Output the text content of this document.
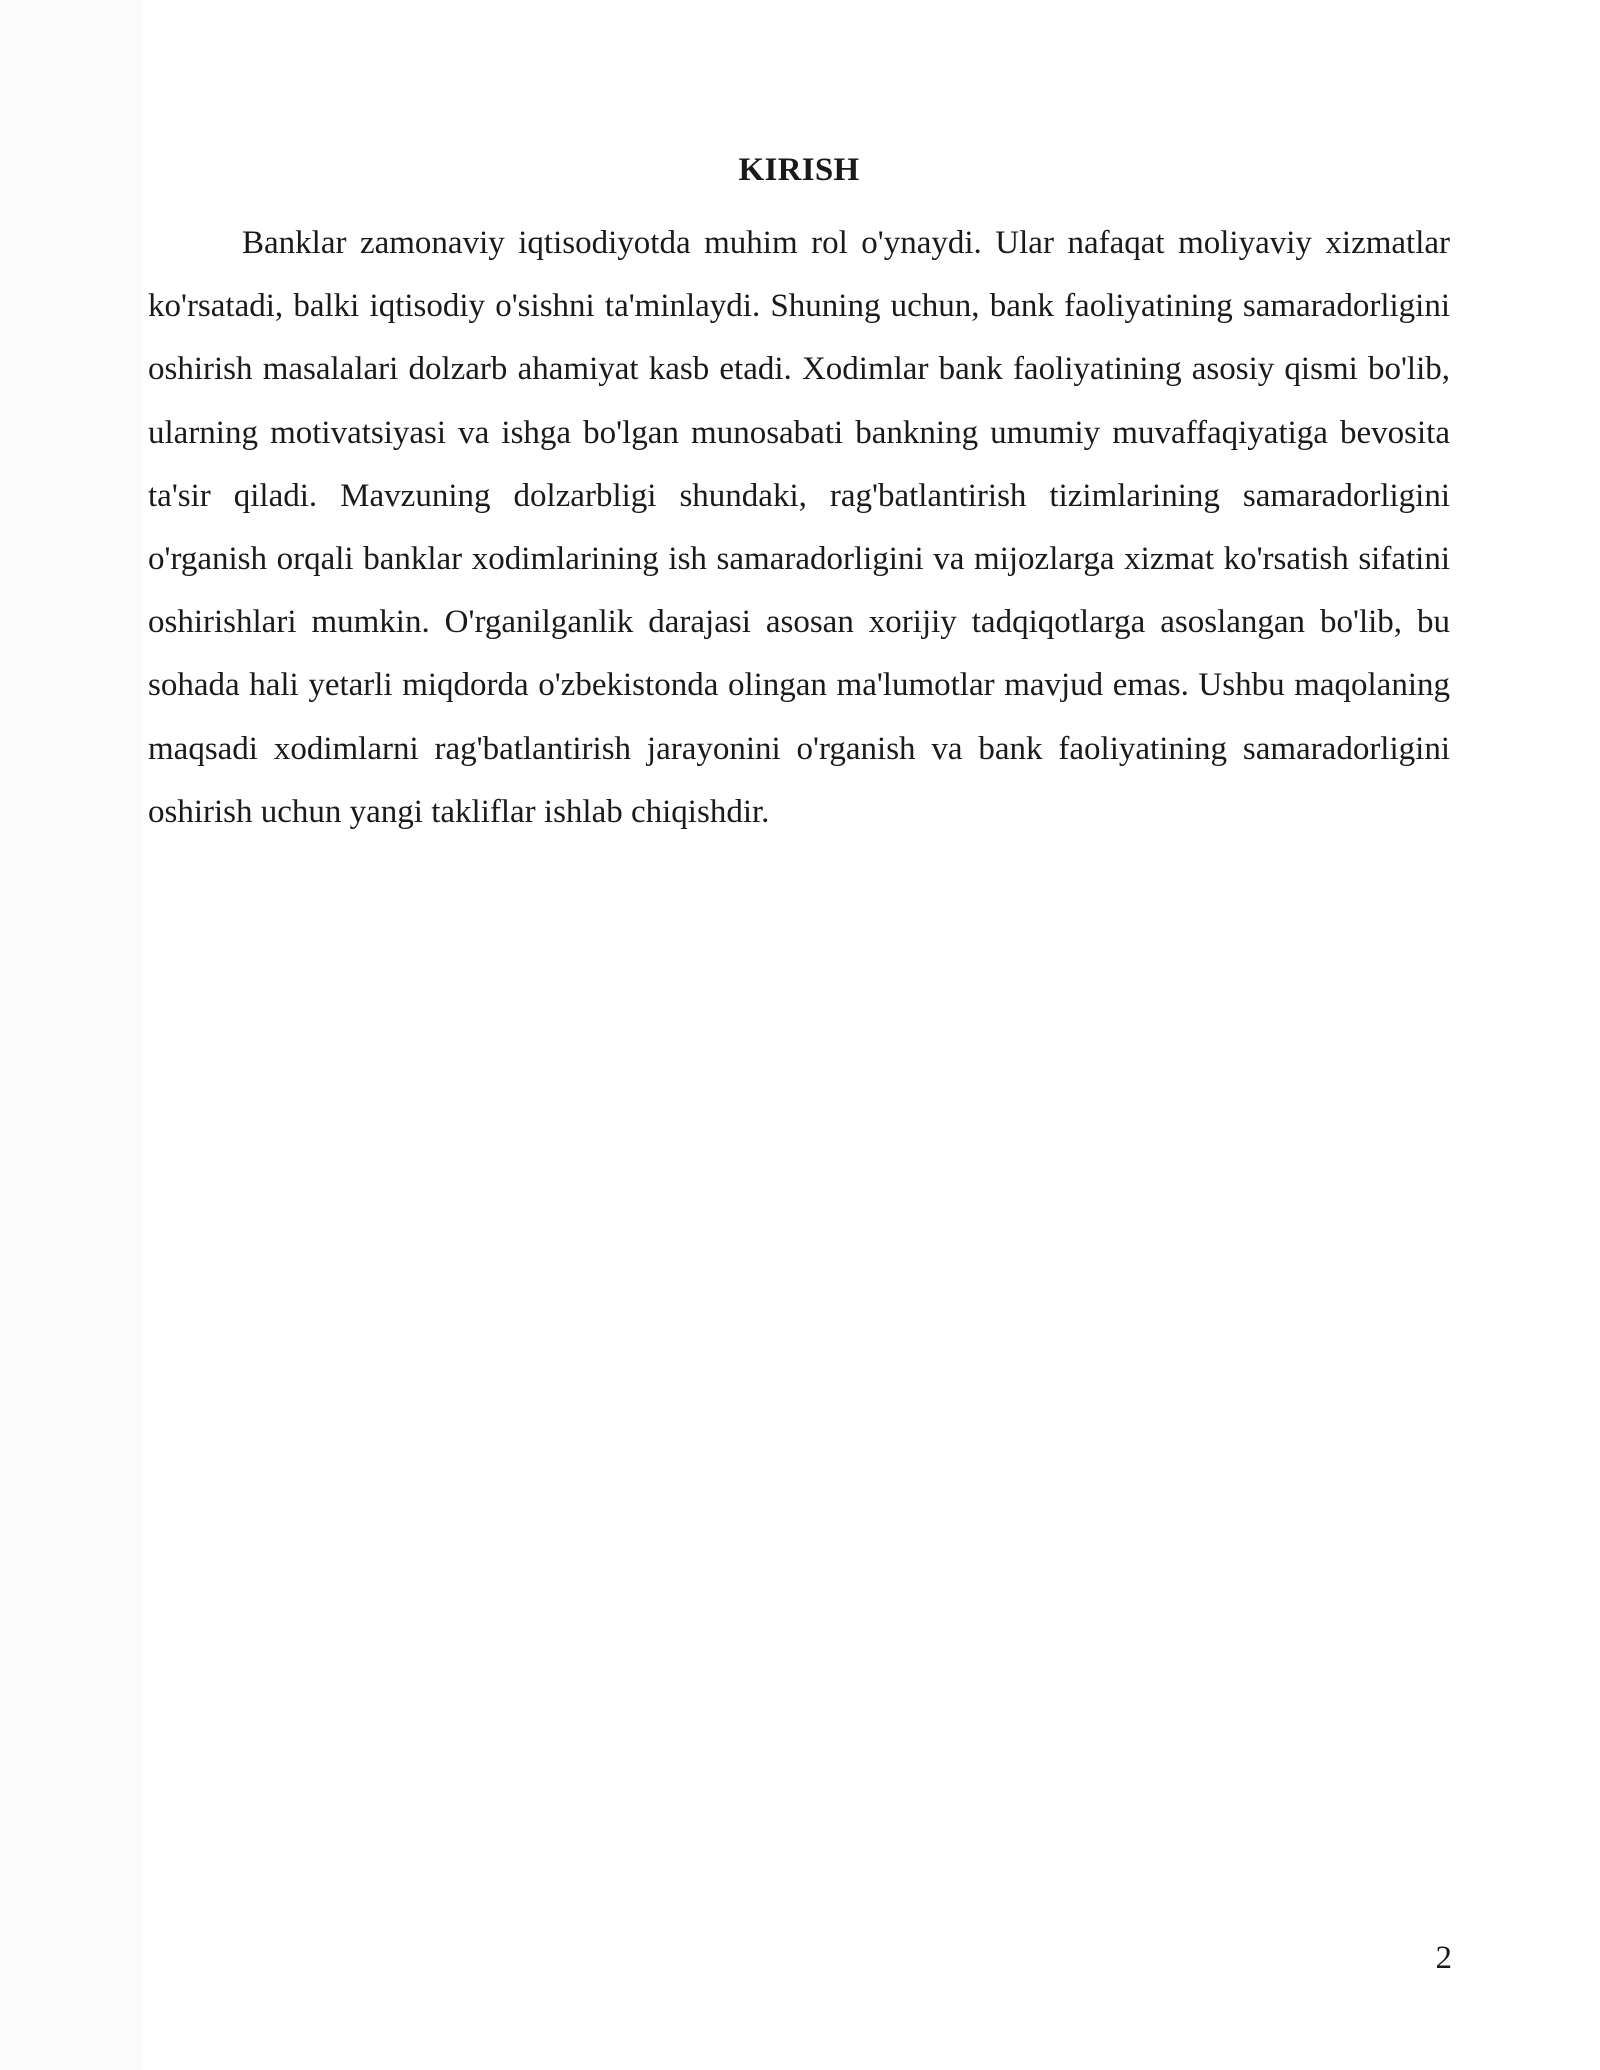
KIRISH

Banklar zamonaviy iqtisodiyotda muhim rol o'ynaydi. Ular nafaqat moliyaviy xizmatlar ko'rsatadi, balki iqtisodiy o'sishni ta'minlaydi. Shuning uchun, bank faoliyatining samaradorligini oshirish masalalari dolzarb ahamiyat kasb etadi. Xodimlar bank faoliyatining asosiy qismi bo'lib, ularning motivatsiyasi va ishga bo'lgan munosabati bankning umumiy muvaffaqiyatiga bevosita ta'sir qiladi. Mavzuning dolzarbligi shundaki, rag'batlantirish tizimlarining samaradorligini o'rganish orqali banklar xodimlarining ish samaradorligini va mijozlarga xizmat ko'rsatish sifatini oshirishlari mumkin. O'rganilganlik darajasi asosan xorijiy tadqiqotlarga asoslangan bo'lib, bu sohada hali yetarli miqdorda o'zbekistonda olingan ma'lumotlar mavjud emas. Ushbu maqolaning maqsadi xodimlarni rag'batlantirish jarayonini o'rganish va bank faoliyatining samaradorligini oshirish uchun yangi takliflar ishlab chiqishdir.

2
